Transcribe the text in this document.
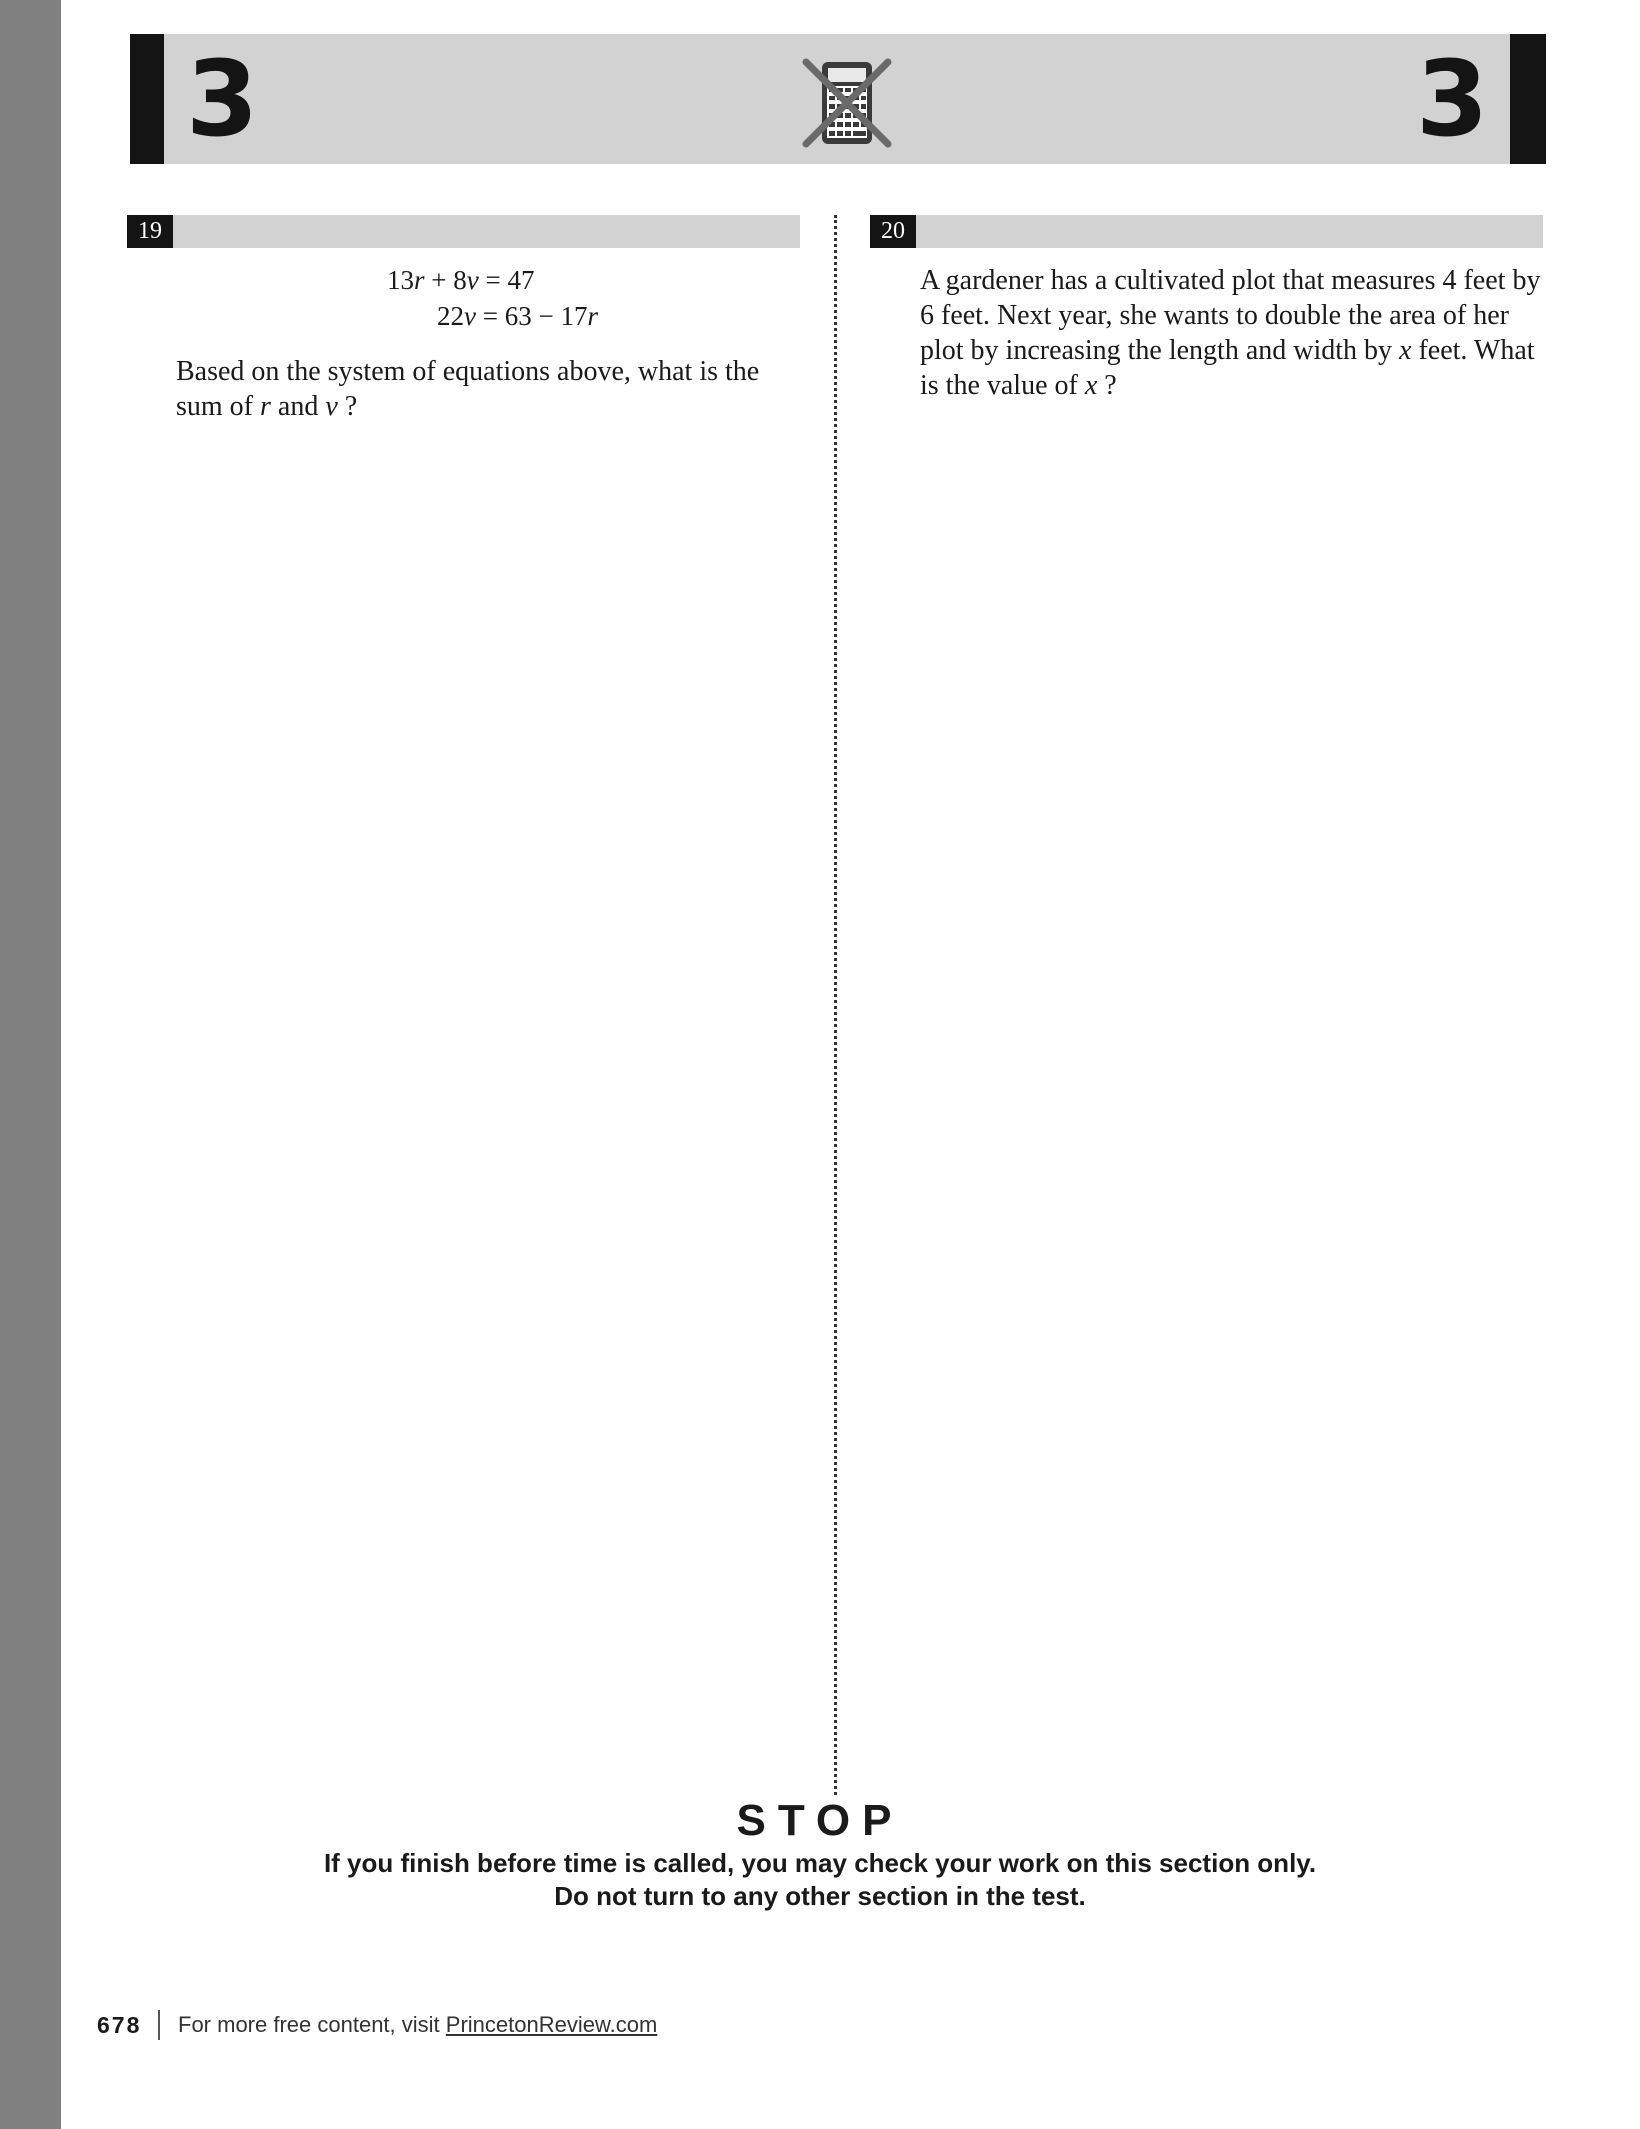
3	3
19
13r + 8v = 47
22v = 63 − 17r
Based on the system of equations above, what is the sum of r and v ?
20
A gardener has a cultivated plot that measures 4 feet by 6 feet. Next year, she wants to double the area of her plot by increasing the length and width by x feet. What is the value of x ?
STOP
If you finish before time is called, you may check your work on this section only.
Do not turn to any other section in the test.
678 For more free content, visit PrincetonReview.com
